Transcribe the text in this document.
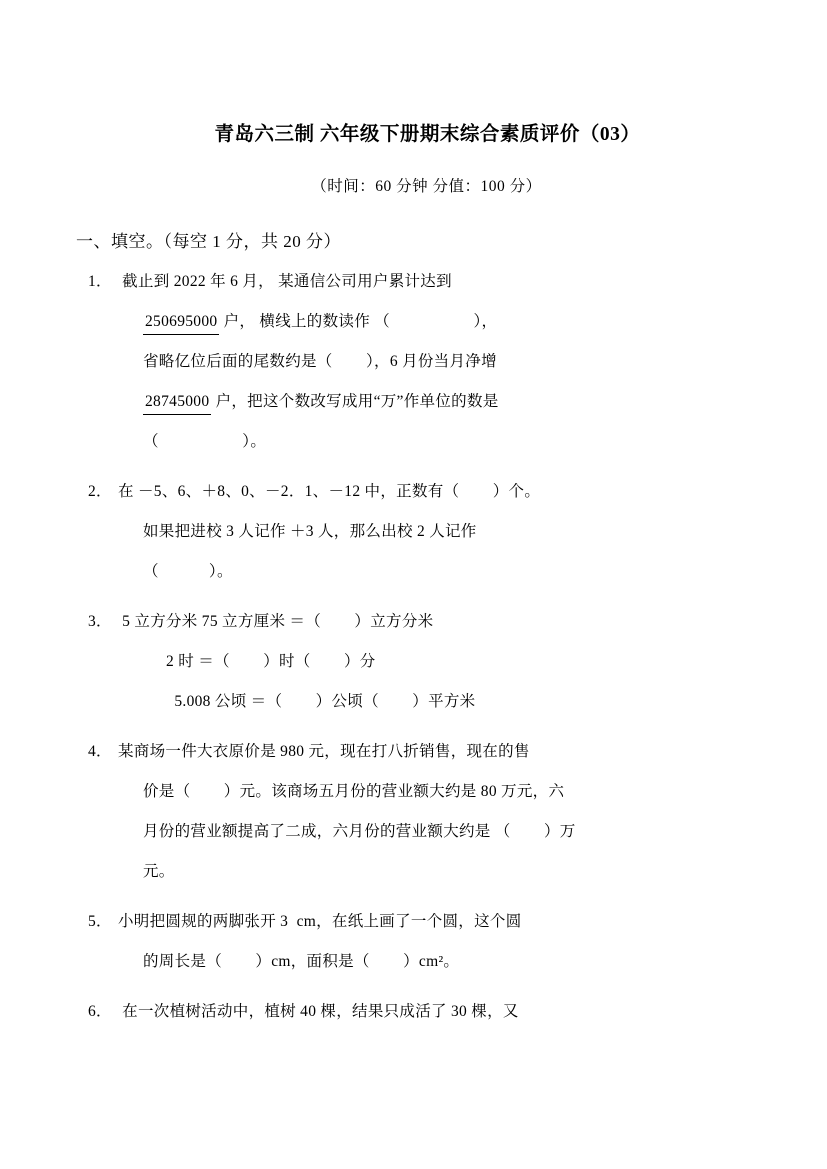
青岛六三制 六年级下册期末综合素质评价（03）
（时间：60 分钟 分值：100 分）
一、填空。（每空 1 分，共 20 分）
1． 截止到 2022 年 6 月， 某通信公司用户累计达到
250695000 户， 横线上的数读作 （                    ），
省略亿位后面的尾数约是（        ），6 月份当月净增
28745000 户，把这个数改写成用“万”作单位的数是
（                    ）。
2． 在 －5、6、＋8、0、－2．1、－12 中，正数有（        ）个。
如果把进校 3 人记作 ＋3 人，那么出校 2 人记作
（            ）。
3． 5 立方分米 75 立方厘米 ＝（        ）立方分米
2 时 ＝（        ）时（        ）分
5.008 公顷 ＝（        ）公顷（        ）平方米
4． 某商场一件大衣原价是 980 元，现在打八折销售，现在的售
价是（        ）元。该商场五月份的营业额大约是 80 万元，六
月份的营业额提高了二成，六月份的营业额大约是 （        ）万
元。
5． 小明把圆规的两脚张开 3  cm，在纸上画了一个圆，这个圆
的周长是（        ）cm，面积是（        ）cm²。
6． 在一次植树活动中，植树 40 棵，结果只成活了 30 棵，又
